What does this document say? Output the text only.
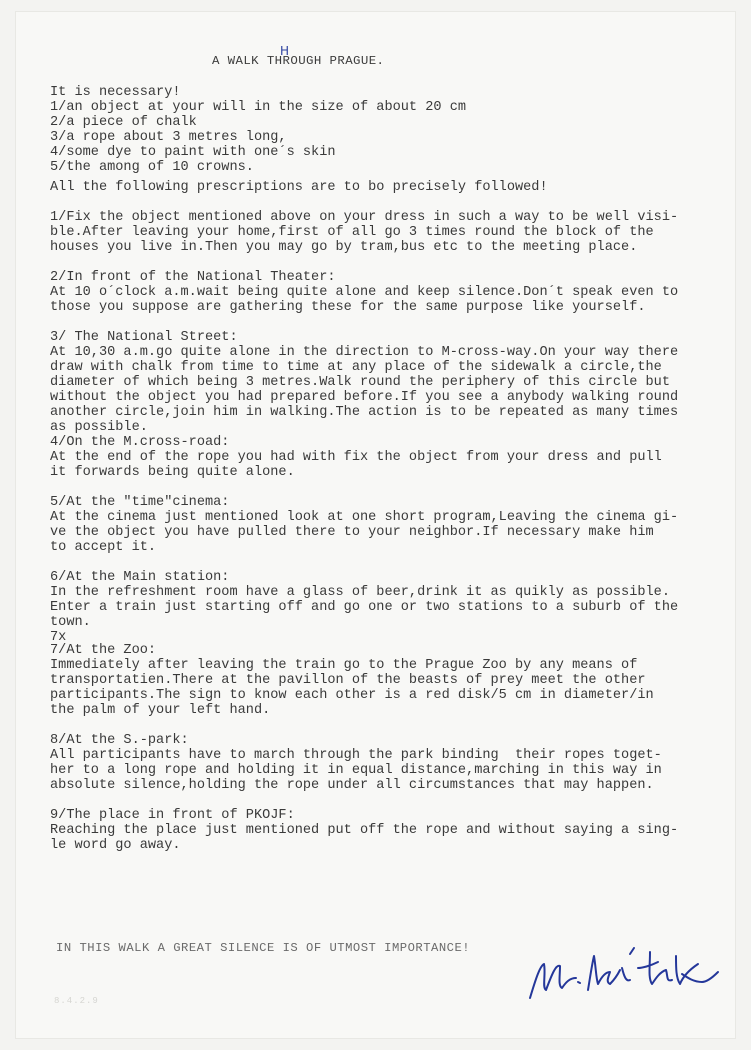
A WALK THROUGH PRAGUE.
H
It is necessary!
1/an object at your will in the size of about 20 cm
2/a piece of chalk
3/a rope about 3 metres long,
4/some dye to paint with one´s skin
5/the among of 10 crowns.
All the following prescriptions are to bo precisely followed!
1/Fix the object mentioned above on your dress in such a way to be well visi-
ble.After leaving your home,first of all go 3 times round the block of the
houses you live in.Then you may go by tram,bus etc to the meeting place.
2/In front of the National Theater:
At 10 o´clock a.m.wait being quite alone and keep silence.Don´t speak even to
those you suppose are gathering these for the same purpose like yourself.
3/ The National Street:
At 10,30 a.m.go quite alone in the direction to M-cross-way.On your way there
draw with chalk from time to time at any place of the sidewalk a circle,the
diameter of which being 3 metres.Walk round the periphery of this circle but
without the object you had prepared before.If you see a anybody walking round
another circle,join him in walking.The action is to be repeated as many times
as possible.
4/On the M.cross-road:
At the end of the rope you had with fix the object from your dress and pull
it forwards being quite alone.
5/At the "time"cinema:
At the cinema just mentioned look at one short program,Leaving the cinema gi-
ve the object you have pulled there to your neighbor.If necessary make him
to accept it.
6/At the Main station:
In the refreshment room have a glass of beer,drink it as quikly as possible.
Enter a train just starting off and go one or two stations to a suburb of the
town.
7x
7/At the Zoo:
Immediately after leaving the train go to the Prague Zoo by any means of
transportatien.There at the pavillon of the beasts of prey meet the other
participants.The sign to know each other is a red disk/5 cm in diameter/in
the palm of your left hand.
8/At the S.-park:
All participants have to march through the park binding  their ropes toget-
her to a long rope and holding it in equal distance,marching in this way in
absolute silence,holding the rope under all circumstances that may happen.
9/The place in front of PKOJF:
Reaching the place just mentioned put off the rope and without saying a sing-
le word go away.
IN THIS WALK A GREAT SILENCE IS OF UTMOST IMPORTANCE!
8.4.2.9
